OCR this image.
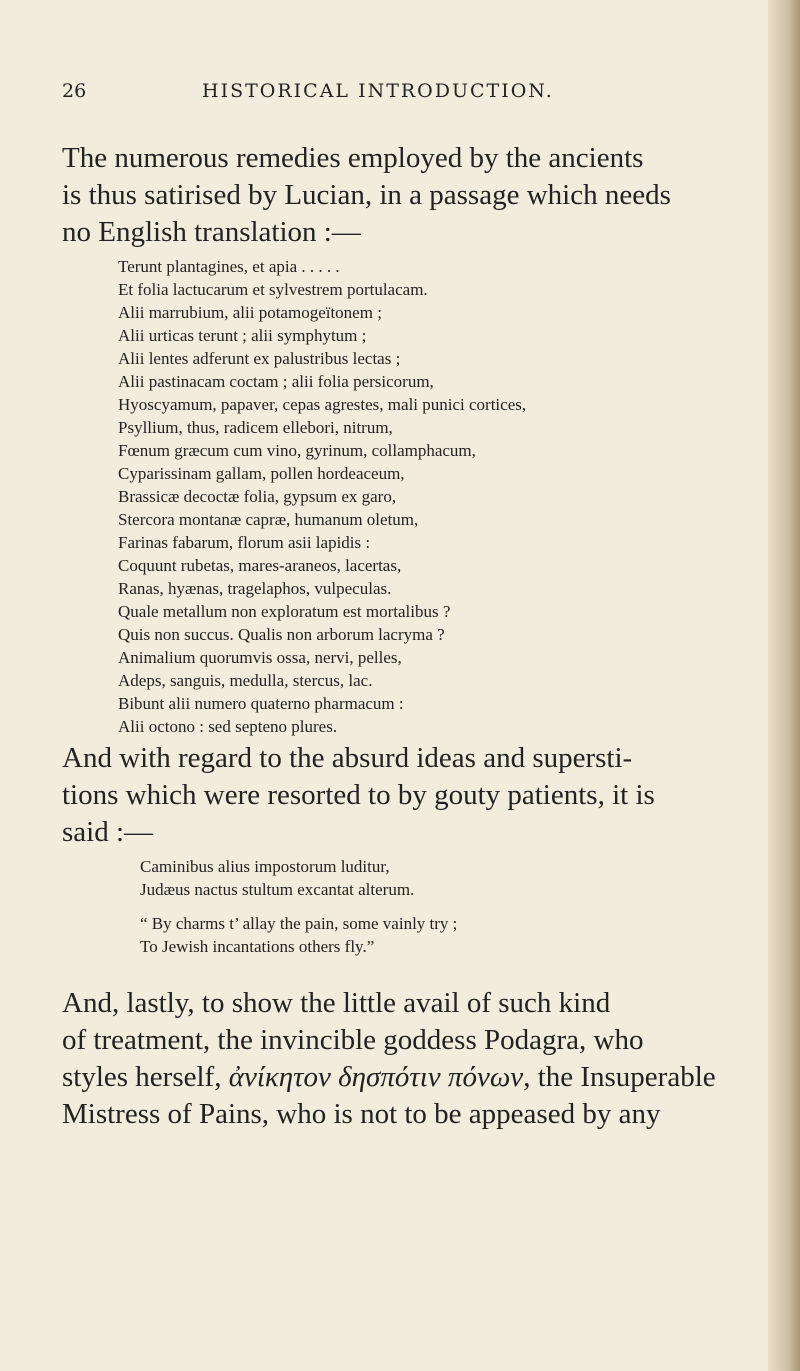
26	HISTORICAL INTRODUCTION.

The numerous remedies employed by the ancients
is thus satirised by Lucian, in a passage which needs
no English translation :—

Terunt plantagines, et apia . . . . .
Et folia lactucarum et sylvestrem portulacam.
Alii marrubium, alii potamogeïtonem ;
Alii urticas terunt ; alii symphytum ;
Alii lentes adferunt ex palustribus lectas ;
Alii pastinacam coctam ; alii folia persicorum,
Hyoscyamum, papaver, cepas agrestes, mali punici cortices,
Psyllium, thus, radicem ellebori, nitrum,
Fœnum græcum cum vino, gyrinum, collamphacum,
Cyparissinam gallam, pollen hordeaceum,
Brassicæ decoctæ folia, gypsum ex garo,
Stercora montanæ capræ, humanum oletum,
Farinas fabarum, florum asii lapidis :
Coquunt rubetas, mares-araneos, lacertas,
Ranas, hyænas, tragelaphos, vulpeculas.
Quale metallum non exploratum est mortalibus ?
Quis non succus. Qualis non arborum lacryma ?
Animalium quorumvis ossa, nervi, pelles,
Adeps, sanguis, medulla, stercus, lac.
Bibunt alii numero quaterno pharmacum :
Alii octono : sed septeno plures.

And with regard to the absurd ideas and supersti-
tions which were resorted to by gouty patients, it is
said :—

Caminibus alius impostorum luditur,
Judæus nactus stultum excantat alterum.
“ By charms t’ allay the pain, some vainly try ;
To Jewish incantations others fly.”

And, lastly, to show the little avail of such kind
of treatment, the invincible goddess Podagra, who
styles herself, ἀνίκητον δησπότιν πόνων, the Insuperable
Mistress of Pains, who is not to be appeased by any
